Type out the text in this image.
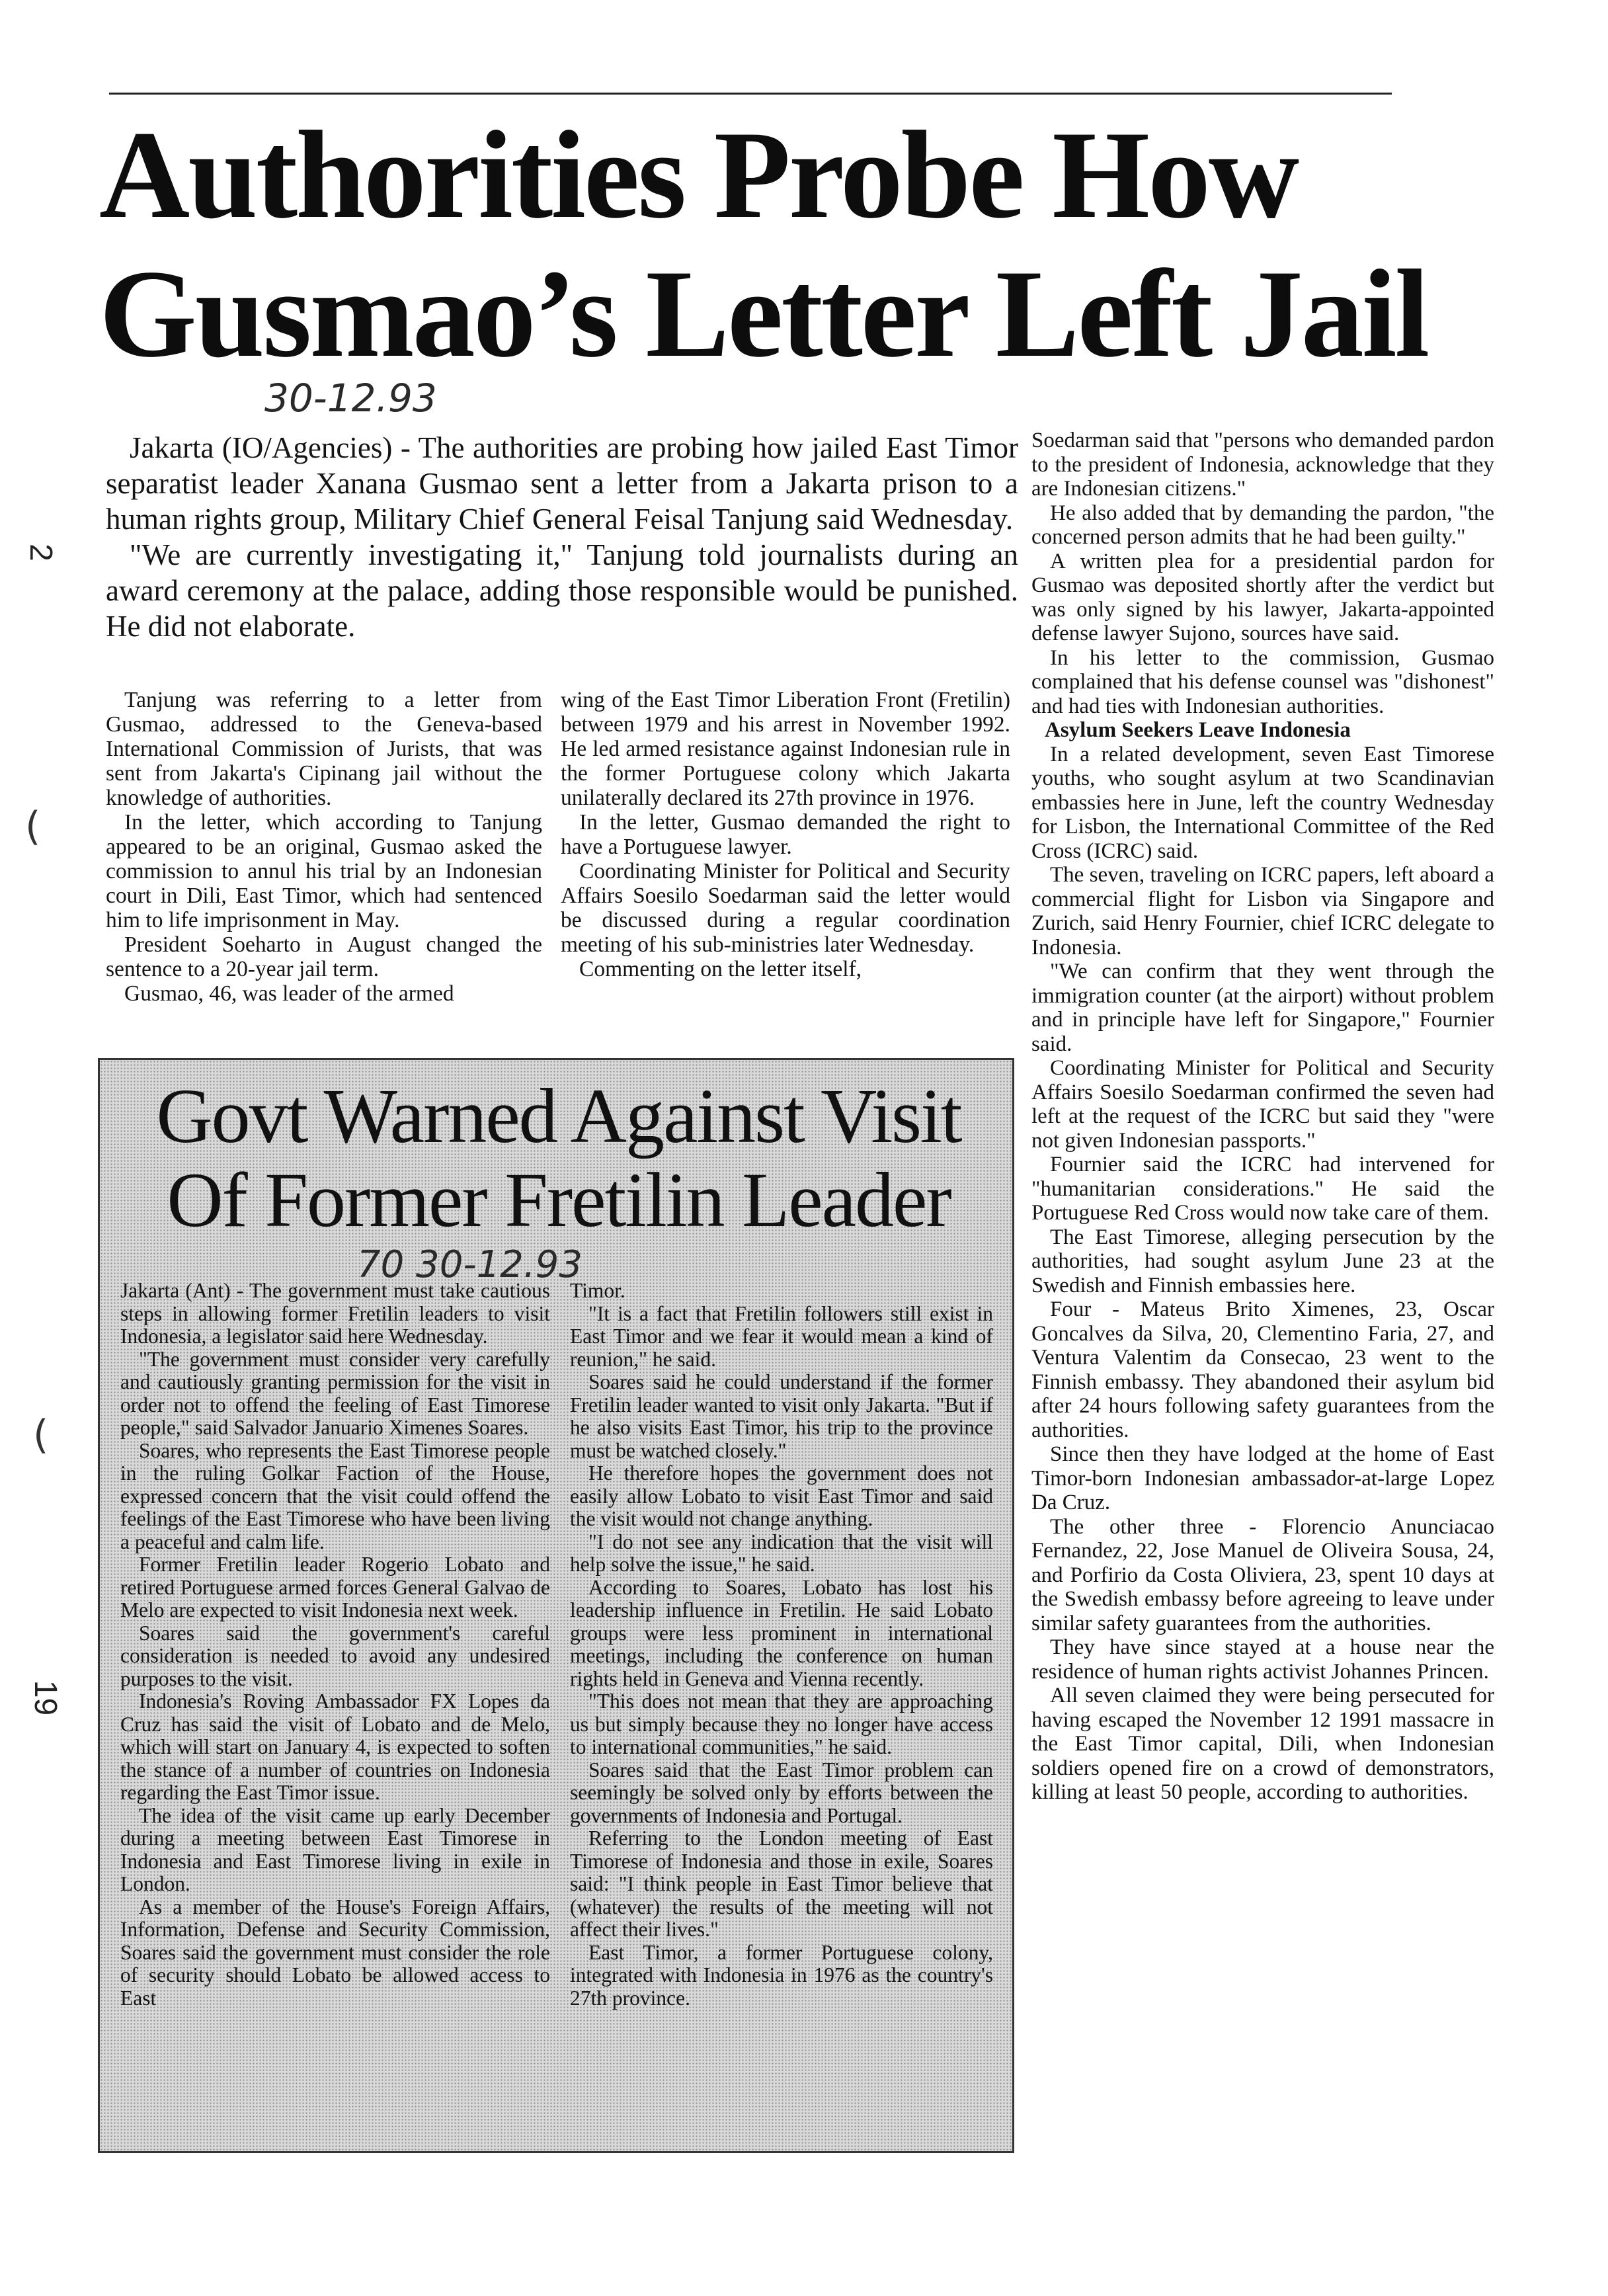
Authorities Probe How
Gusmao’s Letter Left Jail
30-12.93
2
19
(
(

Jakarta (IO/Agencies) - The authorities are probing how jailed East Timor separatist leader Xanana Gusmao sent a letter from a Jakarta prison to a human rights group, Military Chief General Feisal Tanjung said Wednesday.

"We are currently investigating it," Tanjung told journalists during an award ceremony at the palace, adding those responsible would be punished. He did not elaborate.

Tanjung was referring to a letter from Gusmao, addressed to the Geneva-based International Commission of Jurists, that was sent from Jakarta's Cipinang jail without the knowledge of authorities.

In the letter, which according to Tanjung appeared to be an original, Gusmao asked the commission to annul his trial by an Indonesian court in Dili, East Timor, which had sentenced him to life imprisonment in May.

President Soeharto in August changed the sentence to a 20-year jail term.

Gusmao, 46, was leader of the armed

wing of the East Timor Liberation Front (Fretilin) between 1979 and his arrest in November 1992. He led armed resistance against Indonesian rule in the former Portuguese colony which Jakarta unilaterally declared its 27th province in 1976.

In the letter, Gusmao demanded the right to have a Portuguese lawyer.

Coordinating Minister for Political and Security Affairs Soesilo Soedarman said the letter would be discussed during a regular coordination meeting of his sub-ministries later Wednesday.

Commenting on the letter itself,

Soedarman said that "persons who demanded pardon to the president of Indonesia, acknowledge that they are Indonesian citizens."

He also added that by demanding the pardon, "the concerned person admits that he had been guilty."

A written plea for a presidential pardon for Gusmao was deposited shortly after the verdict but was only signed by his lawyer, Jakarta-appointed defense lawyer Sujono, sources have said.

In his letter to the commission, Gusmao complained that his defense counsel was "dishonest" and had ties with Indonesian authorities.

Asylum Seekers Leave Indonesia

In a related development, seven East Timorese youths, who sought asylum at two Scandinavian embassies here in June, left the country Wednesday for Lisbon, the International Committee of the Red Cross (ICRC) said.

The seven, traveling on ICRC papers, left aboard a commercial flight for Lisbon via Singapore and Zurich, said Henry Fournier, chief ICRC delegate to Indonesia.

"We can confirm that they went through the immigration counter (at the airport) without problem and in principle have left for Singapore," Fournier said.

Coordinating Minister for Political and Security Affairs Soesilo Soedarman confirmed the seven had left at the request of the ICRC but said they "were not given Indonesian passports."

Fournier said the ICRC had intervened for "humanitarian considerations." He said the Portuguese Red Cross would now take care of them.

The East Timorese, alleging persecution by the authorities, had sought asylum June 23 at the Swedish and Finnish embassies here.

Four - Mateus Brito Ximenes, 23, Oscar Goncalves da Silva, 20, Clementino Faria, 27, and Ventura Valentim da Consecao, 23 went to the Finnish embassy. They abandoned their asylum bid after 24 hours following safety guarantees from the authorities.

Since then they have lodged at the home of East Timor-born Indonesian ambassador-at-large Lopez Da Cruz.

The other three - Florencio Anunciacao Fernandez, 22, Jose Manuel de Oliveira Sousa, 24, and Porfirio da Costa Oliviera, 23, spent 10 days at the Swedish embassy before agreeing to leave under similar safety guarantees from the authorities.

They have since stayed at a house near the residence of human rights activist Johannes Princen.

All seven claimed they were being persecuted for having escaped the November 12 1991 massacre in the East Timor capital, Dili, when Indonesian soldiers opened fire on a crowd of demonstrators, killing at least 50 people, according to authorities.

Govt Warned Against Visit
Of Former Fretilin Leader
70 30-12.93

Jakarta (Ant) - The government must take cautious steps in allowing former Fretilin leaders to visit Indonesia, a legislator said here Wednesday.

"The government must consider very carefully and cautiously granting permission for the visit in order not to offend the feeling of East Timorese people," said Salvador Januario Ximenes Soares.

Soares, who represents the East Timorese people in the ruling Golkar Faction of the House, expressed concern that the visit could offend the feelings of the East Timorese who have been living a peaceful and calm life.

Former Fretilin leader Rogerio Lobato and retired Portuguese armed forces General Galvao de Melo are expected to visit Indonesia next week.

Soares said the government's careful consideration is needed to avoid any undesired purposes to the visit.

Indonesia's Roving Ambassador FX Lopes da Cruz has said the visit of Lobato and de Melo, which will start on January 4, is expected to soften the stance of a number of countries on Indonesia regarding the East Timor issue.

The idea of the visit came up early December during a meeting between East Timorese in Indonesia and East Timorese living in exile in London.

As a member of the House's Foreign Affairs, Information, Defense and Security Commission, Soares said the government must consider the role of security should Lobato be allowed access to East

Timor.

"It is a fact that Fretilin followers still exist in East Timor and we fear it would mean a kind of reunion," he said.

Soares said he could understand if the former Fretilin leader wanted to visit only Jakarta. "But if he also visits East Timor, his trip to the province must be watched closely."

He therefore hopes the government does not easily allow Lobato to visit East Timor and said the visit would not change anything.

"I do not see any indication that the visit will help solve the issue," he said.

According to Soares, Lobato has lost his leadership influence in Fretilin. He said Lobato groups were less prominent in international meetings, including the conference on human rights held in Geneva and Vienna recently.

"This does not mean that they are approaching us but simply because they no longer have access to international communities," he said.

Soares said that the East Timor problem can seemingly be solved only by efforts between the governments of Indonesia and Portugal.

Referring to the London meeting of East Timorese of Indonesia and those in exile, Soares said: "I think people in East Timor believe that (whatever) the results of the meeting will not affect their lives."

East Timor, a former Portuguese colony, integrated with Indonesia in 1976 as the country's 27th province.
